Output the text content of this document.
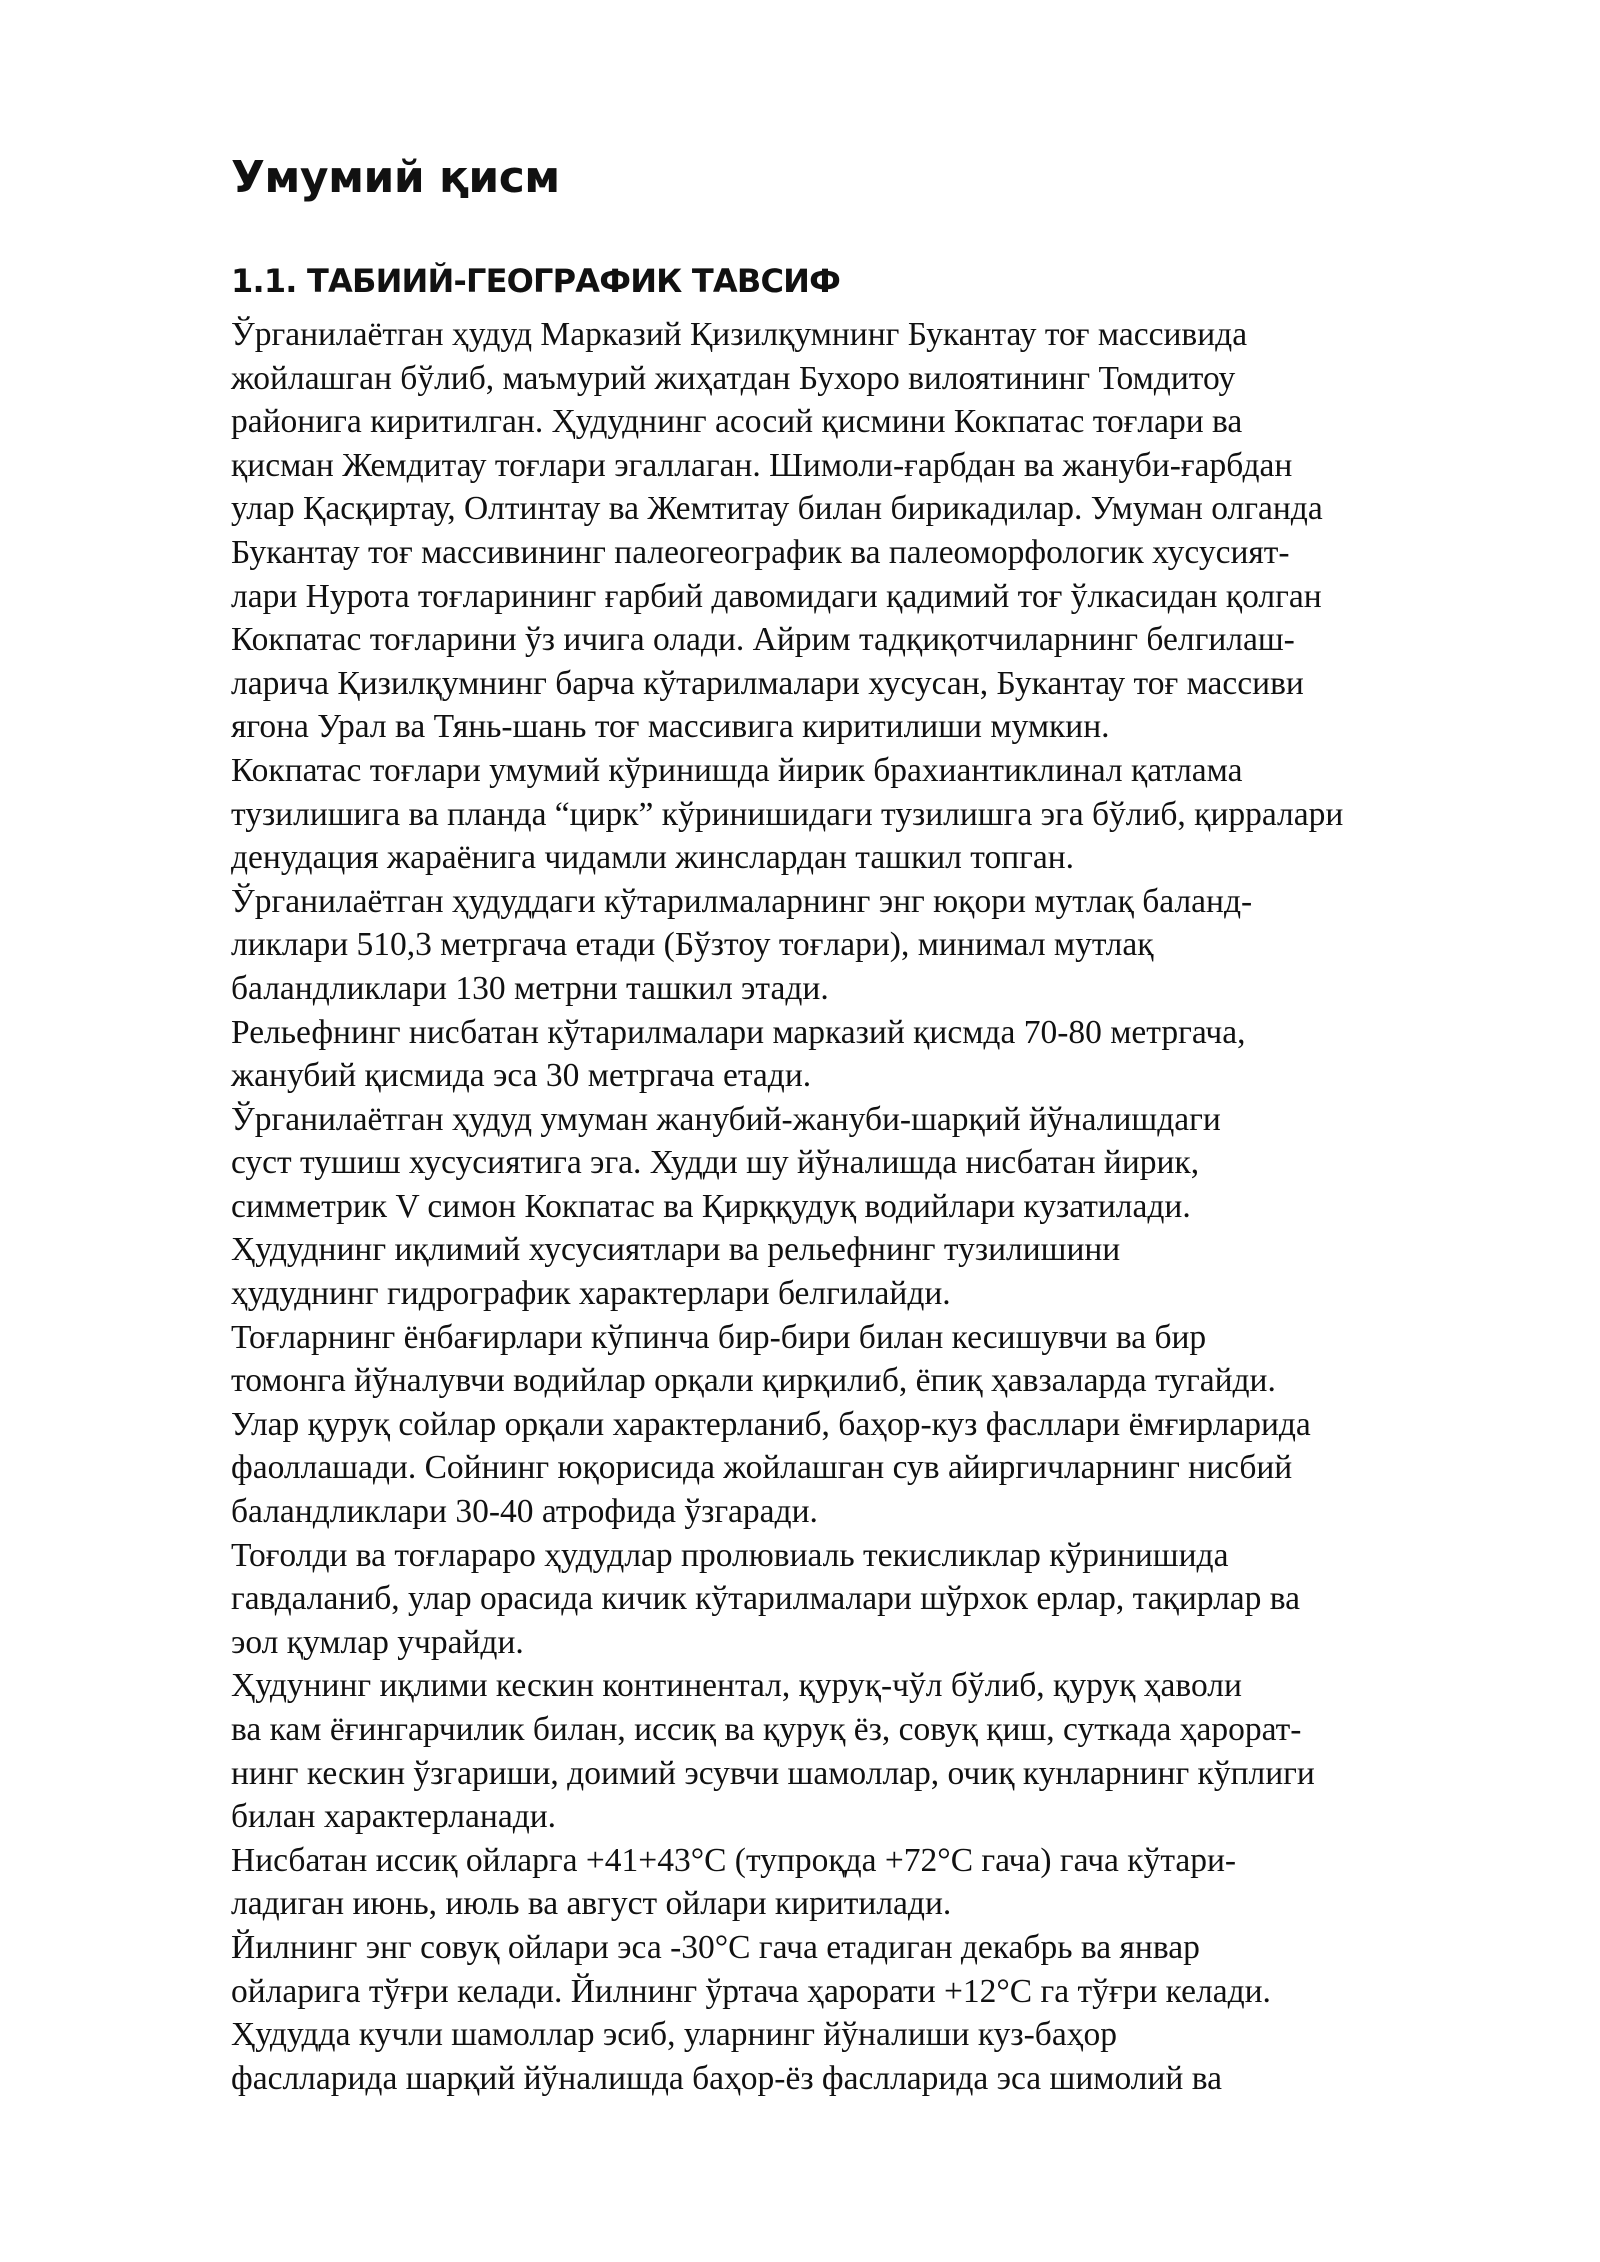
Умумий қисм
1.1. ТАБИИЙ-ГЕОГРАФИК ТАВСИФ
Ўрганилаётган ҳудуд Марказий Қизилқумнинг Букантау тоғ массивида
жойлашган бўлиб, маъмурий жиҳатдан Бухоро вилоятининг Томдитоу
районига киритилган. Ҳудуднинг асосий қисмини Кокпатас тоғлари ва
қисман Жемдитау тоғлари эгаллаган. Шимоли-ғарбдан ва жануби-ғарбдан
улар Қасқиртау, Олтинтау ва Жемтитау билан бирикадилар. Умуман олганда
Букантау тоғ массивининг палеогеографик ва палеоморфологик хусусият-
лари Нурота тоғларининг ғарбий давомидаги қадимий тоғ ўлкасидан қолган
Кокпатас тоғларини ўз ичига олади. Айрим тадқиқотчиларнинг белгилаш-
ларича Қизилқумнинг барча кўтарилмалари хусусан, Букантау тоғ массиви
ягона Урал ва Тянь-шань тоғ массивига киритилиши мумкин.
Кокпатас тоғлари умумий кўринишда йирик брахиантиклинал қатлама
тузилишига ва планда “цирк” кўринишидаги тузилишга эга бўлиб, қирралари
денудация жараёнига чидамли жинслардан ташкил топган.
Ўрганилаётган ҳудуддаги кўтарилмаларнинг энг юқори мутлақ баланд-
ликлари 510,3 метргача етади (Бўзтоу тоғлари), минимал мутлақ
баландликлари 130 метрни ташкил этади.
Рельефнинг нисбатан кўтарилмалари марказий қисмда 70-80 метргача,
жанубий қисмида эса 30 метргача етади.
Ўрганилаётган ҳудуд умуман жанубий-жануби-шарқий йўналишдаги
суст тушиш хусусиятига эга. Худди шу йўналишда нисбатан йирик,
симметрик V симон Кокпатас ва Қирққудуқ водийлари кузатилади.
Ҳудуднинг иқлимий хусусиятлари ва рельефнинг тузилишини
ҳудуднинг гидрографик характерлари белгилайди.
Тоғларнинг ёнбағирлари кўпинча бир-бири билан кесишувчи ва бир
томонга йўналувчи водийлар орқали қирқилиб, ёпиқ ҳавзаларда тугайди.
Улар қуруқ сойлар орқали характерланиб, баҳор-куз фасллари ёмғирларида
фаоллашади. Сойнинг юқорисида жойлашган сув айиргичларнинг нисбий
баландликлари 30-40 атрофида ўзгаради.
Тоғолди ва тоғлараро ҳудудлар пролювиаль текисликлар кўринишида
гавдаланиб, улар орасида кичик кўтарилмалари шўрхок ерлар, тақирлар ва
эол қумлар учрайди.
Ҳудунинг иқлими кескин континентал, қуруқ-чўл бўлиб, қуруқ ҳаволи
ва кам ёғингарчилик билан, иссиқ ва қуруқ ёз, совуқ қиш, суткада ҳарорат-
нинг кескин ўзгариши, доимий эсувчи шамоллар, очиқ кунларнинг кўплиги
билан характерланади.
Нисбатан иссиқ ойларга +41+43°C (тупроқда +72°C гача) гача кўтари-
ладиган июнь, июль ва август ойлари киритилади.
Йилнинг энг совуқ ойлари эса -30°C гача етадиган декабрь ва январ
ойларига тўғри келади. Йилнинг ўртача ҳарорати +12°C га тўғри келади.
Ҳудудда кучли шамоллар эсиб, уларнинг йўналиши куз-баҳор
фаслларида шарқий йўналишда баҳор-ёз фаслларида эса шимолий ва
